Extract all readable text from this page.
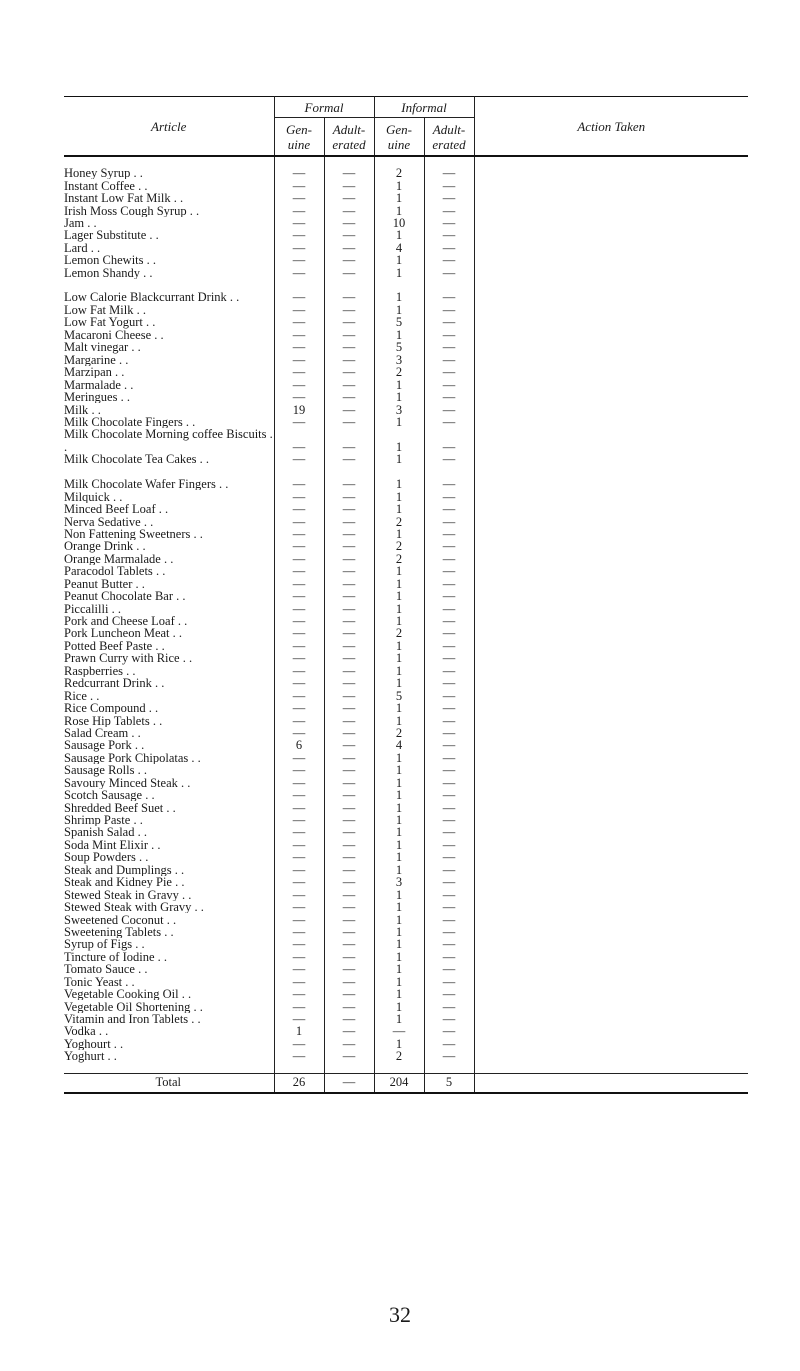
Article	Formal		Informal		Action Taken
	Gen- uine	Adult- erated	Gen- uine	Adult- erated	

Honey Syrup . .	—	—	2	—	
Instant Coffee . .	—	—	1	—	
Instant Low Fat Milk . .	—	—	1	—	
Irish Moss Cough Syrup . .	—	—	1	—	
Jam . .	—	—	10	—	
Lager Substitute . .	—	—	1	—	
Lard . .	—	—	4	—	
Lemon Chewits . .	—	—	1	—	
Lemon Shandy . .	—	—	1	—	
Low Calorie Blackcurrant Drink . .	—	—	1	—	
Low Fat Milk . .	—	—	1	—	
Low Fat Yogurt . .	—	—	5	—	
Macaroni Cheese . .	—	—	1	—	
Malt vinegar . .	—	—	5	—	
Margarine . .	—	—	3	—	
Marzipan . .	—	—	2	—	
Marmalade . .	—	—	1	—	
Meringues . .	—	—	1	—	
Milk . .	19	—	3	—	
Milk Chocolate Fingers . .	—	—	1	—	
Milk Chocolate Morning coffee Biscuits . .	—	—	1	—	
Milk Chocolate Tea Cakes . .	—	—	1	—	
Milk Chocolate Wafer Fingers . .	—	—	1	—	
Milquick . .	—	—	1	—	
Minced Beef Loaf . .	—	—	1	—	
Nerva Sedative . .	—	—	2	—	
Non Fattening Sweetners . .	—	—	1	—	
Orange Drink . .	—	—	2	—	
Orange Marmalade . .	—	—	2	—	
Paracodol Tablets . .	—	—	1	—	
Peanut Butter . .	—	—	1	—	
Peanut Chocolate Bar . .	—	—	1	—	
Piccalilli . .	—	—	1	—	
Pork and Cheese Loaf . .	—	—	1	—	
Pork Luncheon Meat . .	—	—	2	—	
Potted Beef Paste . .	—	—	1	—	
Prawn Curry with Rice . .	—	—	1	—	
Raspberries . .	—	—	1	—	
Redcurrant Drink . .	—	—	1	—	
Rice . .	—	—	5	—	
Rice Compound . .	—	—	1	—	
Rose Hip Tablets . .	—	—	1	—	
Salad Cream . .	—	—	2	—	
Sausage Pork . .	6	—	4	—	
Sausage Pork Chipolatas . .	—	—	1	—	
Sausage Rolls . .	—	—	1	—	
Savoury Minced Steak . .	—	—	1	—	
Scotch Sausage . .	—	—	1	—	
Shredded Beef Suet . .	—	—	1	—	
Shrimp Paste . .	—	—	1	—	
Spanish Salad . .	—	—	1	—	
Soda Mint Elixir . .	—	—	1	—	
Soup Powders . .	—	—	1	—	
Steak and Dumplings . .	—	—	1	—	
Steak and Kidney Pie . .	—	—	3	—	
Stewed Steak in Gravy . .	—	—	1	—	
Stewed Steak with Gravy . .	—	—	1	—	
Sweetened Coconut . .	—	—	1	—	
Sweetening Tablets . .	—	—	1	—	
Syrup of Figs . .	—	—	1	—	
Tincture of Iodine . .	—	—	1	—	
Tomato Sauce . .	—	—	1	—	
Tonic Yeast . .	—	—	1	—	
Vegetable Cooking Oil . .	—	—	1	—	
Vegetable Oil Shortening . .	—	—	1	—	
Vitamin and Iron Tablets . .	—	—	1	—	
Vodka . .	1	—	—	—	
Yoghourt . .	—	—	1	—	
Yoghurt . .	—	—	2	—	

Total	26	—	204	5	
32
